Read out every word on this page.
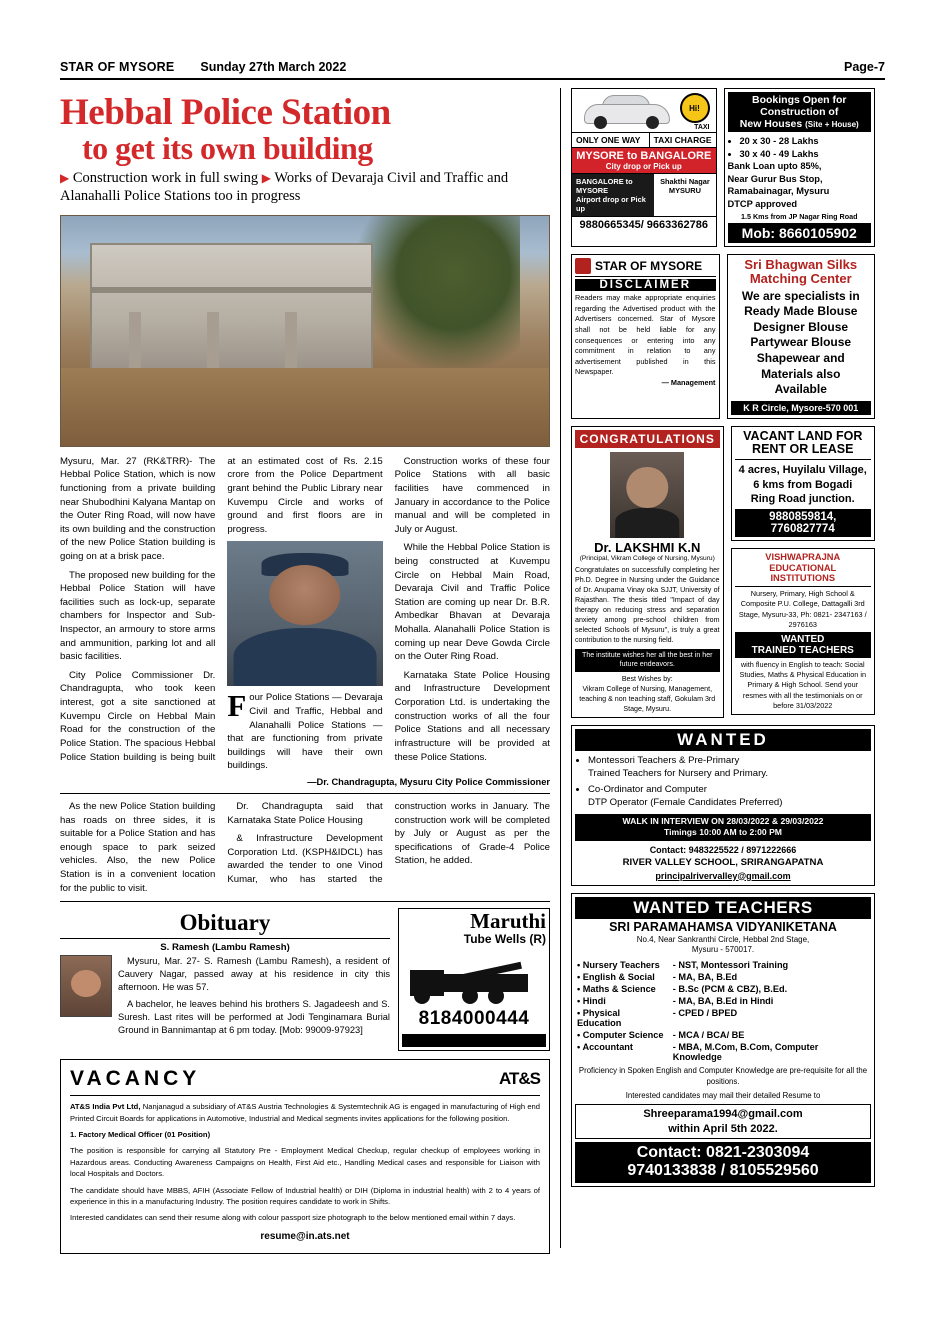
STAR OF MYSORE Sunday 27th March 2022	Page-7
Hebbal Police Station
to get its own building
▶ Construction work in full swing ▶ Works of Devaraja Civil and Traffic and Alanahalli Police Stations too in progress

Mysuru, Mar. 27 (RK&TRR)- The Hebbal Police Station, which is now functioning from a private building near Shubodhini Kalyana Mantap on the Outer Ring Road, will now have its own building and the construction of the new Police Station building is going on at a brisk pace.

The proposed new building for the Hebbal Police Station will have facilities such as lock-up, separate chambers for Inspector and Sub-Inspector, an armoury to store arms and ammunition, parking lot and all basic facilities.

City Police Commissioner Dr. Chandragupta, who took keen interest, got a site sanctioned at Kuvempu Circle on Hebbal Main Road for the construction of the Police Station. The spacious Hebbal Police Station building is being built at an estimated cost of Rs. 2.15 crore from the Police Department grant behind the Public Library near Kuvempu Circle and works of ground and first floors are in progress.

Four Police Stations — Devaraja Civil and Traffic, Hebbal and Alanahalli Police Stations — that are functioning from private buildings will have their own buildings.

Construction works of these four Police Stations with all basic facilities have commenced in January in accordance to the Police manual and will be completed in July or August.

While the Hebbal Police Station is being constructed at Kuvempu Circle on Hebbal Main Road, Devaraja Civil and Traffic Police Station are coming up near Dr. B.R. Ambedkar Bhavan at Devaraja Mohalla. Alanahalli Police Station is coming up near Deve Gowda Circle on the Outer Ring Road.

Karnataka State Police Housing and Infrastructure Development Corporation Ltd. is undertaking the construction works of all the four Police Stations and all necessary infrastructure will be provided at these Police Stations.

—Dr. Chandragupta, Mysuru City Police Commissioner

As the new Police Station building has roads on three sides, it is suitable for a Police Station and has enough space to park seized vehicles. Also, the new Police Station is in a convenient location for the public to visit.

Dr. Chandragupta said that Karnataka State Police Housing

& Infrastructure Development Corporation Ltd. (KSPH&IDCL) has awarded the tender to one Vinod Kumar, who has started the construction works in January. The construction work will be completed by July or August as per the specifications of Grade-4 Police Station, he added.

Obituary
S. Ramesh (Lambu Ramesh)

Mysuru, Mar. 27- S. Ramesh (Lambu Ramesh), a resident of Cauvery Nagar, passed away at his residence in city this afternoon. He was 57.

A bachelor, he leaves behind his brothers S. Jagadeesh and S. Suresh. Last rites will be performed at Jodi Tenginamara Burial Ground in Bannimantap at 6 pm today. [Mob: 99009-97923]

Maruthi
Tube Wells (R)
8184000444
VACANCY	AT&S

AT&S India Pvt Ltd, Nanjanagud a subsidiary of AT&S Austria Technologies & Systemtechnik AG is engaged in manufacturing of High end Printed Circuit Boards for applications in Automotive, Industrial and Medical segments invites applications for the following position.

1. Factory Medical Officer (01 Position)

The position is responsible for carrying all Statutory Pre - Employment Medical Checkup, regular checkup of employees working in Hazardous areas. Conducting Awareness Campaigns on Health, First Aid etc., Handling Medical cases and responsible for Liaison with local Hospitals and Doctors.

The candidate should have MBBS, AFIH (Associate Fellow of Industrial health) or DIH (Diploma in industrial health) with 2 to 4 years of experience in this in a manufacturing Industry. The position requires candidate to work in Shifts.

Interested candidates can send their resume along with colour passport size photograph to the below mentioned email within 7 days.

resume@in.ats.net
Hi!
TAXI
ONLY ONE WAY	TAXI CHARGE
MYSORE to BANGALORE
City drop or Pick up
BANGALORE to MYSORE
Airport drop or Pick up
Shakthi Nagar
MYSURU
9880665345/ 9663362786
Bookings Open for
Construction of
New Houses (Site + House)
• 20 x 30 - 28 Lakhs
• 30 x 40 - 49 Lakhs
Bank Loan upto 85%,
Near Gurur Bus Stop,
Ramabainagar, Mysuru
DTCP approved
1.5 Kms from JP Nagar Ring Road
Mob: 8660105902
STAR OF MYSORE
DISCLAIMER
Readers may make appropriate enquiries regarding the Advertised product with the Advertisers concerned. Star of Mysore shall not be held liable for any consequences or entering into any commitment in relation to any advertisement published in this Newspaper.
— Management
Sri Bhagwan Silks
Matching Center
We are specialists in
Ready Made Blouse
Designer Blouse
Partywear Blouse
Shapewear and
Materials also
Available
K R Circle, Mysore-570 001
CONGRATULATIONS
Dr. LAKSHMI K.N
(Principal, Vikram College of Nursing, Mysuru)
Congratulates on successfully completing her Ph.D. Degree in Nursing under the Guidance of Dr. Anupama Vinay oka SJJT, University of Rajasthan. The thesis titled "Impact of day therapy on reducing stress and separation anxiety among pre-school children from selected Schools of Mysuru", is truly a great contribution to the nursing field.
The institute wishes her all the best in her future endeavors.
Best Wishes by:
Vikram College of Nursing, Management, teaching & non teaching staff, Gokulam 3rd Stage, Mysuru.
VACANT LAND FOR
RENT OR LEASE
4 acres, Huyilalu Village,
6 kms from Bogadi
Ring Road junction.
9880859814, 7760827774
VISHWAPRAJNA EDUCATIONAL
INSTITUTIONS
Nursery, Primary, High School & Composite P.U. College, Dattagalli 3rd Stage, Mysuru-33, Ph: 0821- 2347163 / 2976163
WANTED
TRAINED TEACHERS
with fluency in English to teach: Social Studies, Maths & Physical Education in Primary & High School. Send your resmes with all the testimonials on or before 31/03/2022
WANTED
• Montessori Teachers & Pre-Primary
Trained Teachers for Nursery and Primary.
• Co-Ordinator and Computer
DTP Operator (Female Candidates Preferred)
WALK IN INTERVIEW ON 28/03/2022 & 29/03/2022
Timings 10:00 AM to 2:00 PM
Contact: 9483225522 / 8971222666
RIVER VALLEY SCHOOL, SRIRANGAPATNA
principalrivervalley@gmail.com
WANTED TEACHERS
SRI PARAMAHAMSA VIDYANIKETANA
No.4, Near Sankranthi Circle, Hebbal 2nd Stage,
Mysuru - 570017.
• Nursery Teachers	- NST, Montessori Training
• English & Social	- MA, BA, B.Ed
• Maths & Science	- B.Sc (PCM & CBZ), B.Ed.
• Hindi	- MA, BA, B.Ed in Hindi
• Physical Education	- CPED / BPED
• Computer Science	- MCA / BCA/ BE
• Accountant	- MBA, M.Com, B.Com, Computer Knowledge
Proficiency in Spoken English and Computer Knowledge are pre-requisite for all the positions.
Interested candidates may mail their detailed Resume to
Shreeparama1994@gmail.com
within April 5th 2022.
Contact: 0821-2303094
9740133838 / 8105529560
